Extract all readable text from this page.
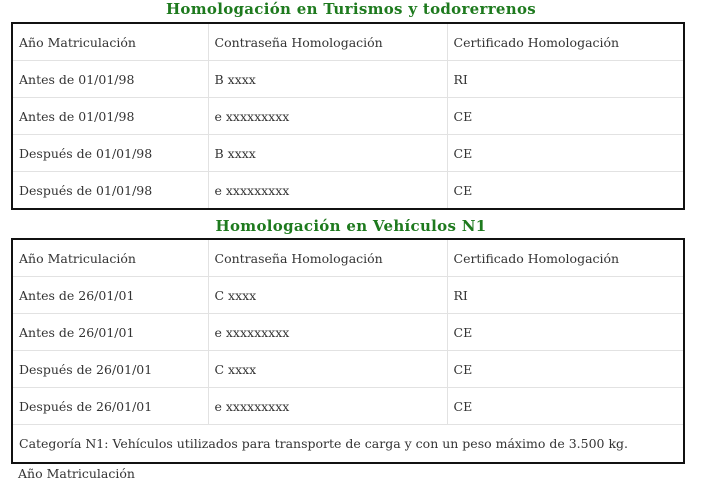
Homologación en Turismos y todorerrenos
Año Matriculación	Contraseña Homologación	Certificado Homologación
Antes de 01/01/98	B xxxx	RI
Antes de 01/01/98	e xxxxxxxxx	CE
Después de 01/01/98	B xxxx	CE
Después de 01/01/98	e xxxxxxxxx	CE
Homologación en Vehículos N1
Año Matriculación	Contraseña Homologación	Certificado Homologación
Antes de 26/01/01	C xxxx	RI
Antes de 26/01/01	e xxxxxxxxx	CE
Después de 26/01/01	C xxxx	CE
Después de 26/01/01	e xxxxxxxxx	CE
Categoría N1: Vehículos utilizados para transporte de carga y con un peso máximo de 3.500 kg.		
Año Matriculación
